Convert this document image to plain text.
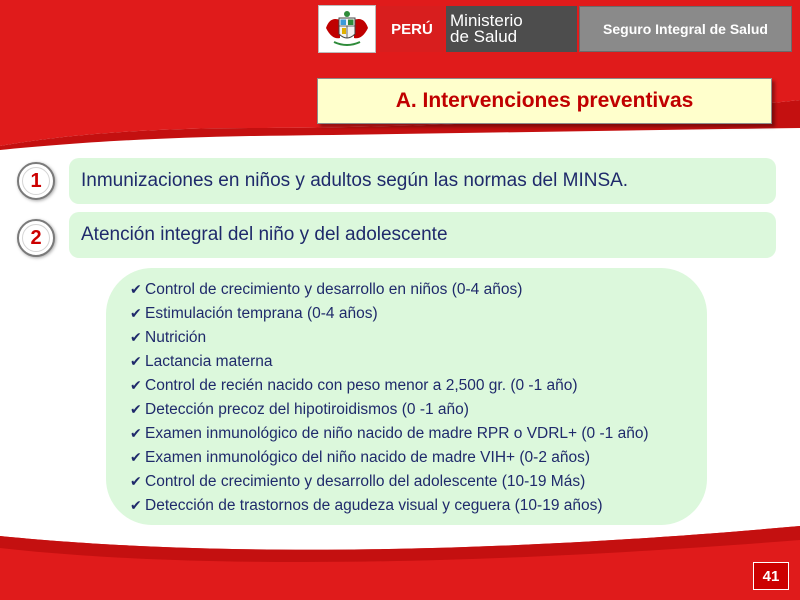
PERÚ	Ministerio
de Salud	Seguro Integral de Salud
A. Intervenciones preventivas
1 Inmunizaciones en niños y adultos según las normas del MINSA.
2 Atención integral del niño y del adolescente
✔ Control de crecimiento y desarrollo en niños (0-4 años)
✔ Estimulación temprana (0-4 años)
✔ Nutrición
✔ Lactancia materna
✔ Control de recién nacido con peso menor a 2,500 gr. (0 -1 año)
✔ Detección precoz del hipotiroidismos (0 -1 año)
✔ Examen inmunológico de niño nacido de madre RPR o VDRL+ (0 -1 año)
✔ Examen inmunológico del niño nacido de madre VIH+ (0-2 años)
✔ Control de crecimiento y desarrollo del adolescente (10-19 Más)
✔ Detección de trastornos de agudeza visual y ceguera (10-19 años)
41
